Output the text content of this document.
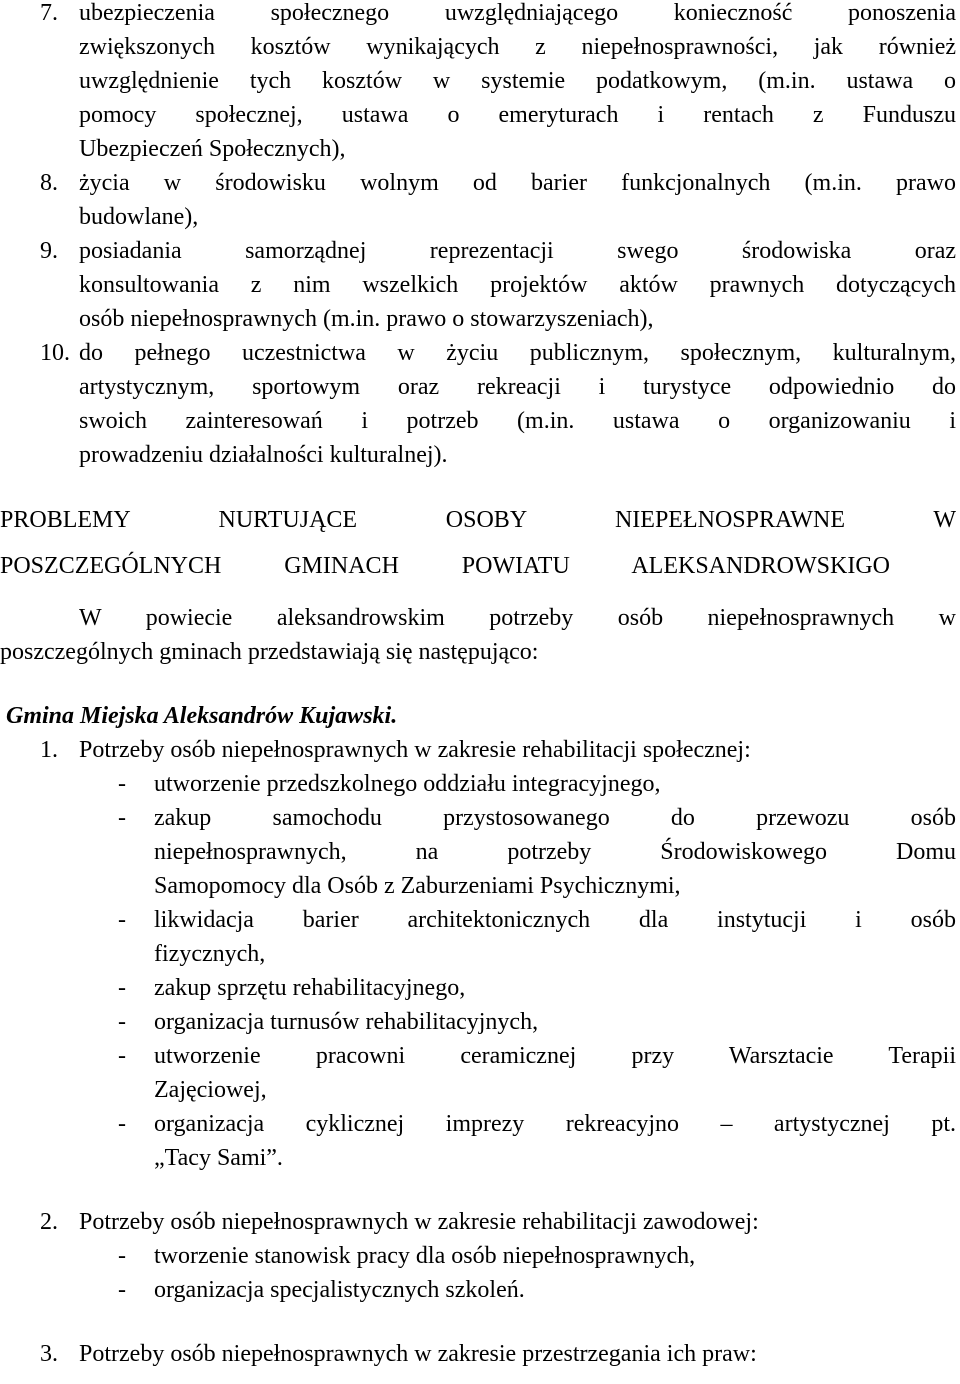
7. ubezpieczenia społecznego uwzględniającego konieczność ponoszenia
zwiększonych kosztów wynikających z niepełnosprawności, jak również
uwzględnienie tych kosztów w systemie podatkowym, (m.in. ustawa o
pomocy społecznej, ustawa o emeryturach i rentach z Funduszu
Ubezpieczeń Społecznych),
8. życia w środowisku wolnym od barier funkcjonalnych (m.in. prawo
budowlane),
9. posiadania samorządnej reprezentacji swego środowiska oraz
konsultowania z nim wszelkich projektów aktów prawnych dotyczących
osób niepełnosprawnych (m.in. prawo o stowarzyszeniach),
10. do pełnego uczestnictwa w życiu publicznym, społecznym, kulturalnym,
artystycznym, sportowym oraz rekreacji i turystyce odpowiednio do
swoich zainteresowań i potrzeb (m.in. ustawa o organizowaniu i
prowadzeniu działalności kulturalnej).
PROBLEMY NURTUJĄCE OSOBY NIEPEŁNOSPRAWNE W
POSZCZEGÓLNYCH GMINACH POWIATU ALEKSANDROWSKIGO
W powiecie aleksandrowskim potrzeby osób niepełnosprawnych w
poszczególnych gminach przedstawiają się następująco:
Gmina Miejska Aleksandrów Kujawski.
1. Potrzeby osób niepełnosprawnych w zakresie rehabilitacji społecznej:
- utworzenie przedszkolnego oddziału integracyjnego,
- zakup samochodu przystosowanego do przewozu osób
niepełnosprawnych, na potrzeby Środowiskowego Domu
Samopomocy dla Osób z Zaburzeniami Psychicznymi,
- likwidacja barier architektonicznych dla instytucji i osób
fizycznych,
- zakup sprzętu rehabilitacyjnego,
- organizacja turnusów rehabilitacyjnych,
- utworzenie pracowni ceramicznej przy Warsztacie Terapii
Zajęciowej,
- organizacja cyklicznej imprezy rekreacyjno – artystycznej pt.
„Tacy Sami”.
2. Potrzeby osób niepełnosprawnych w zakresie rehabilitacji zawodowej:
- tworzenie stanowisk pracy dla osób niepełnosprawnych,
- organizacja specjalistycznych szkoleń.
3. Potrzeby osób niepełnosprawnych w zakresie przestrzegania ich praw:
